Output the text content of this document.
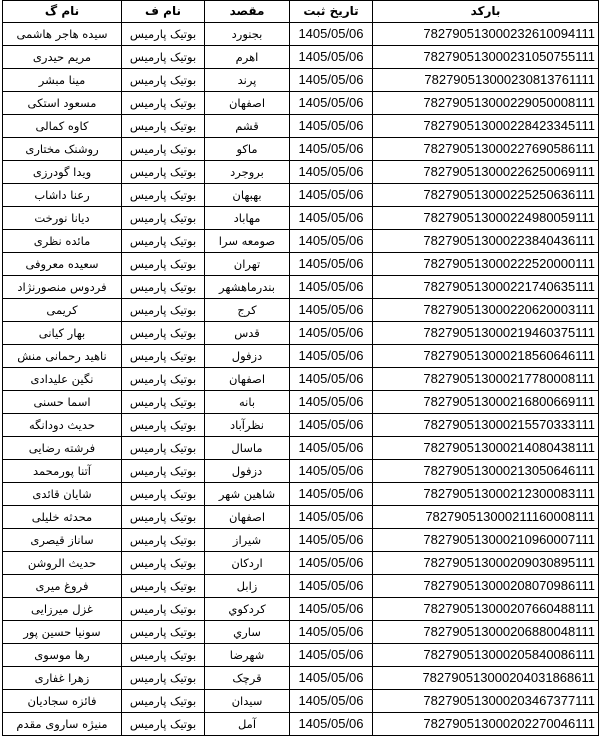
بارکد	تاریخ ثبت	مقصد	نام ف	نام گ
782790513000232610094111	1405/05/06	بجنورد	بوتیک پارمیس	سیده هاجر هاشمی
782790513000231050755111	1405/05/06	اهرم	بوتیک پارمیس	مریم حیدری
782790513000230813761111	1405/05/06	پرند	بوتیک پارمیس	مینا مبشر
782790513000229050008111	1405/05/06	اصفهان	بوتیک پارمیس	مسعود استکی
782790513000228423345111	1405/05/06	قشم	بوتیک پارمیس	کاوه کمالی
782790513000227690586111	1405/05/06	ماکو	بوتیک پارمیس	روشنک مختاری
782790513000226250069111	1405/05/06	بروجرد	بوتیک پارمیس	ویدا گودرزی
782790513000225250636111	1405/05/06	بهبهان	بوتیک پارمیس	رعنا داشاب
782790513000224980059111	1405/05/06	مهاباد	بوتیک پارمیس	دیانا نورخت
782790513000223840436111	1405/05/06	صومعه سرا	بوتیک پارمیس	مائده نظری
782790513000222520000111	1405/05/06	تهران	بوتیک پارمیس	سعیده معروفی
782790513000221740635111	1405/05/06	بندرماهشهر	بوتیک پارمیس	فردوس منصورنژاد
782790513000220620003111	1405/05/06	کرج	بوتیک پارمیس	کریمی
782790513000219460375111	1405/05/06	قدس	بوتیک پارمیس	بهار کیانی
782790513000218560646111	1405/05/06	دزفول	بوتیک پارمیس	ناهید رحمانی منش
782790513000217780008111	1405/05/06	اصفهان	بوتیک پارمیس	نگین علیدادی
782790513000216800669111	1405/05/06	بانه	بوتیک پارمیس	اسما حسنی
782790513000215570333111	1405/05/06	نظرآباد	بوتیک پارمیس	حدیث دودانگه
782790513000214080438111	1405/05/06	ماسال	بوتیک پارمیس	فرشته رضایی
782790513000213050646111	1405/05/06	دزفول	بوتیک پارمیس	آتنا پورمحمد
782790513000212300083111	1405/05/06	شاهین شهر	بوتیک پارمیس	شایان قائدی
782790513000211160008111	1405/05/06	اصفهان	بوتیک پارمیس	محدثه خلیلی
782790513000210960007111	1405/05/06	شیراز	بوتیک پارمیس	ساناز قیصری
782790513000209030895111	1405/05/06	اردکان	بوتیک پارمیس	حدیث الروشن
782790513000208070986111	1405/05/06	زابل	بوتیک پارمیس	فروغ میری
782790513000207660488111	1405/05/06	کردکوي	بوتیک پارمیس	غزل میرزایی
782790513000206880048111	1405/05/06	ساري	بوتیک پارمیس	سونیا حسین پور
782790513000205840086111	1405/05/06	شهرضا	بوتیک پارمیس	رها موسوی
782790513000204031868611	1405/05/06	قرچک	بوتیک پارمیس	زهرا غفاری
782790513000203467377111	1405/05/06	سیدان	بوتیک پارمیس	فائزه سجادیان
782790513000202270046111	1405/05/06	آمل	بوتیک پارمیس	منیژه ساروی مقدم
